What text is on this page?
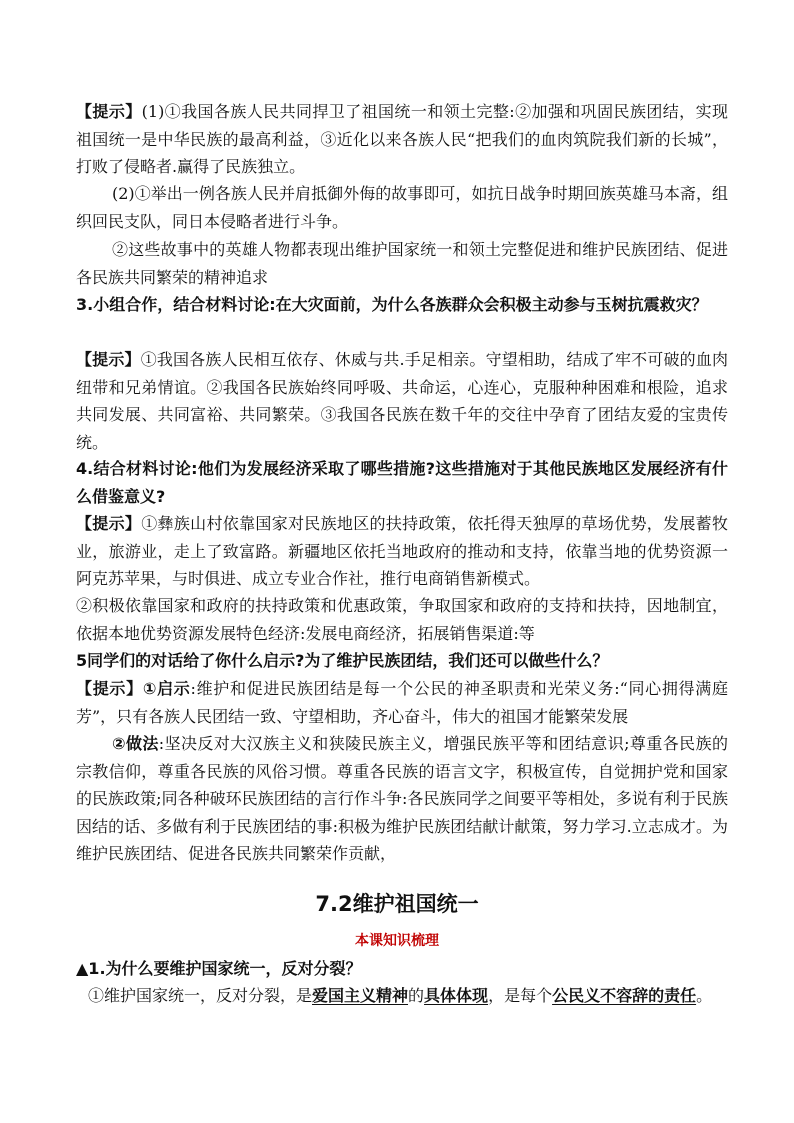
【提示】(1)①我国各族人民共同捍卫了祖国统一和领土完整:②加强和巩固民族团结，实现祖国统一是中华民族的最高利益，③近化以来各族人民“把我们的血肉筑院我们新的长城”，打败了侵略者.赢得了民族独立。

(2)①举出一例各族人民并肩抵御外侮的故事即可，如抗日战争时期回族英雄马本斋，组织回民支队，同日本侵略者进行斗争。

②这些故事中的英雄人物都表现出维护国家统一和领土完整促进和维护民族团结、促进各民族共同繁荣的精神追求

3.小组合作，结合材料讨论:在大灾面前，为什么各族群众会积极主动参与玉树抗震救灾？

【提示】①我国各族人民相互依存、休威与共.手足相亲。守望相助，结成了牢不可破的血肉纽带和兄弟情谊。②我国各民族始终同呼吸、共命运，心连心，克服种种困难和根险，追求共同发展、共同富裕、共同繁荣。③我国各民族在数千年的交往中孕育了团结友爱的宝贵传统。

4.结合材料讨论:他们为发展经济采取了哪些措施?这些措施对于其他民族地区发展经济有什么借鉴意义?

【提示】①彝族山村依靠国家对民族地区的扶持政策，依托得天独厚的草场优势，发展蓄牧业，旅游业，走上了致富路。新疆地区依托当地政府的推动和支持，依靠当地的优势资源一阿克苏苹果，与时俱进、成立专业合作社，推行电商销售新模式。

②积极依靠国家和政府的扶持政策和优惠政策，争取国家和政府的支持和扶持，因地制宜，依据本地优势资源发展特色经济:发展电商经济，拓展销售渠道:等

5同学们的对话给了你什么启示?为了维护民族团结，我们还可以做些什么？

【提示】①启示:维护和促进民族团结是每一个公民的神圣职责和光荣义务:“同心拥得满庭芳”，只有各族人民团结一致、守望相助，齐心奋斗，伟大的祖国才能繁荣发展

②做法:坚决反对大汉族主义和狭陵民族主义，增强民族平等和团结意识;尊重各民族的宗教信仰，尊重各民族的风俗习惯。尊重各民族的语言文字，积极宣传，自觉拥护党和国家的民族政策;同各种破环民族团结的言行作斗争:各民族同学之间要平等相处，多说有利于民族因结的话、多做有利于民族团结的事:积极为维护民族团结献计献策，努力学习.立志成才。为维护民族团结、促进各民族共同繁荣作贡献，

7.2维护祖国统一
本课知识梳理

▲1.为什么要维护国家统一，反对分裂？

①维护国家统一，反对分裂，是爱国主义精神的具体体现，是每个公民义不容辞的责任。
